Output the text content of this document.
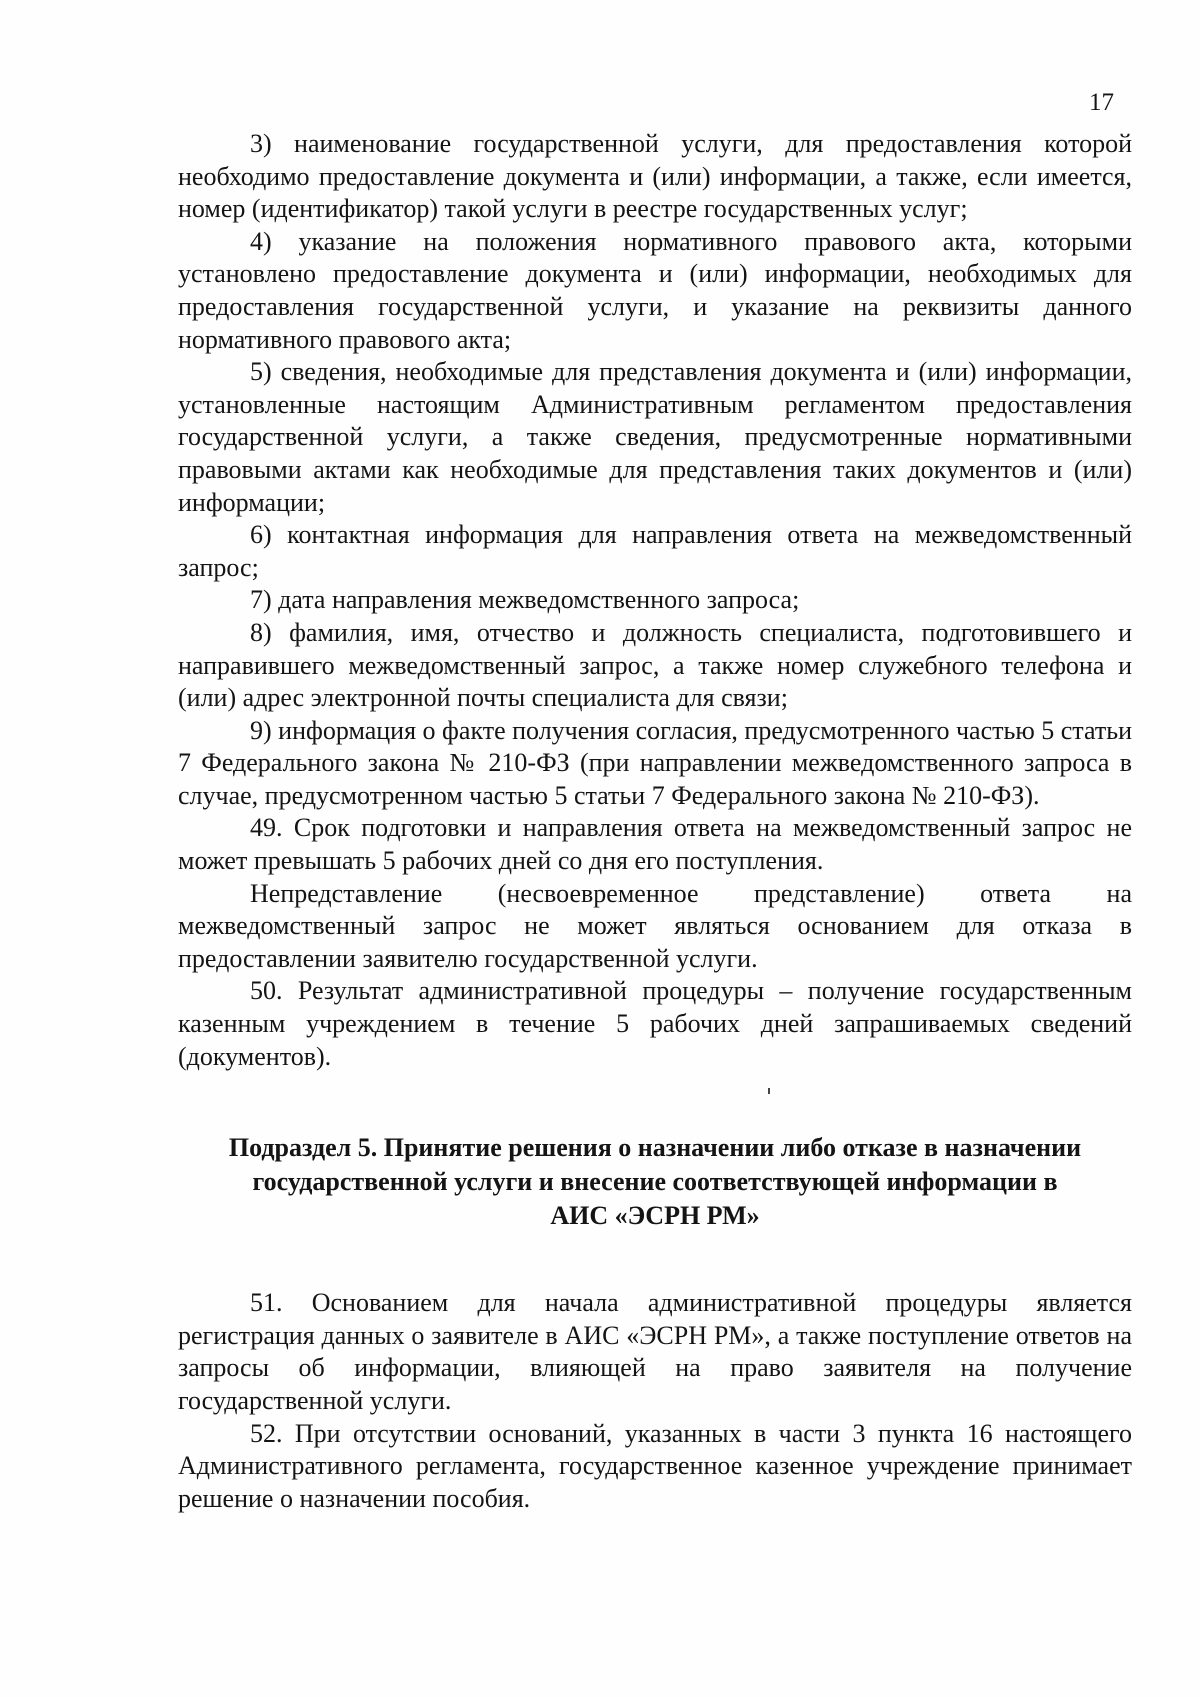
17

3) наименование государственной услуги, для предоставления которой необходимо предоставление документа и (или) информации, а также, если имеется, номер (идентификатор) такой услуги в реестре государственных услуг;

4) указание на положения нормативного правового акта, которыми установлено предоставление документа и (или) информации, необходимых для предоставления государственной услуги, и указание на реквизиты данного нормативного правового акта;

5) сведения, необходимые для представления документа и (или) информации, установленные настоящим Административным регламентом предоставления государственной услуги, а также сведения, предусмотренные нормативными правовыми актами как необходимые для представления таких документов и (или) информации;

6) контактная информация для направления ответа на межведомственный запрос;

7) дата направления межведомственного запроса;

8) фамилия, имя, отчество и должность специалиста, подготовившего и направившего межведомственный запрос, а также номер служебного телефона и (или) адрес электронной почты специалиста для связи;

9) информация о факте получения согласия, предусмотренного частью 5 статьи 7 Федерального закона № 210-ФЗ (при направлении межведомственного запроса в случае, предусмотренном частью 5 статьи 7 Федерального закона № 210-ФЗ).

49. Срок подготовки и направления ответа на межведомственный запрос не может превышать 5 рабочих дней со дня его поступления.

Непредставление (несвоевременное представление) ответа на межведомственный запрос не может являться основанием для отказа в предоставлении заявителю государственной услуги.

50. Результат административной процедуры – получение государственным казенным учреждением в течение 5 рабочих дней запрашиваемых сведений (документов).

Подраздел 5. Принятие решения о назначении либо отказе в назначении
государственной услуги и внесение соответствующей информации в
АИС «ЭСРН РМ»

51. Основанием для начала административной процедуры является регистрация данных о заявителе в АИС «ЭСРН РМ», а также поступление ответов на запросы об информации, влияющей на право заявителя на получение государственной услуги.

52. При отсутствии оснований, указанных в части 3 пункта 16 настоящего Административного регламента, государственное казенное учреждение принимает решение о назначении пособия.
